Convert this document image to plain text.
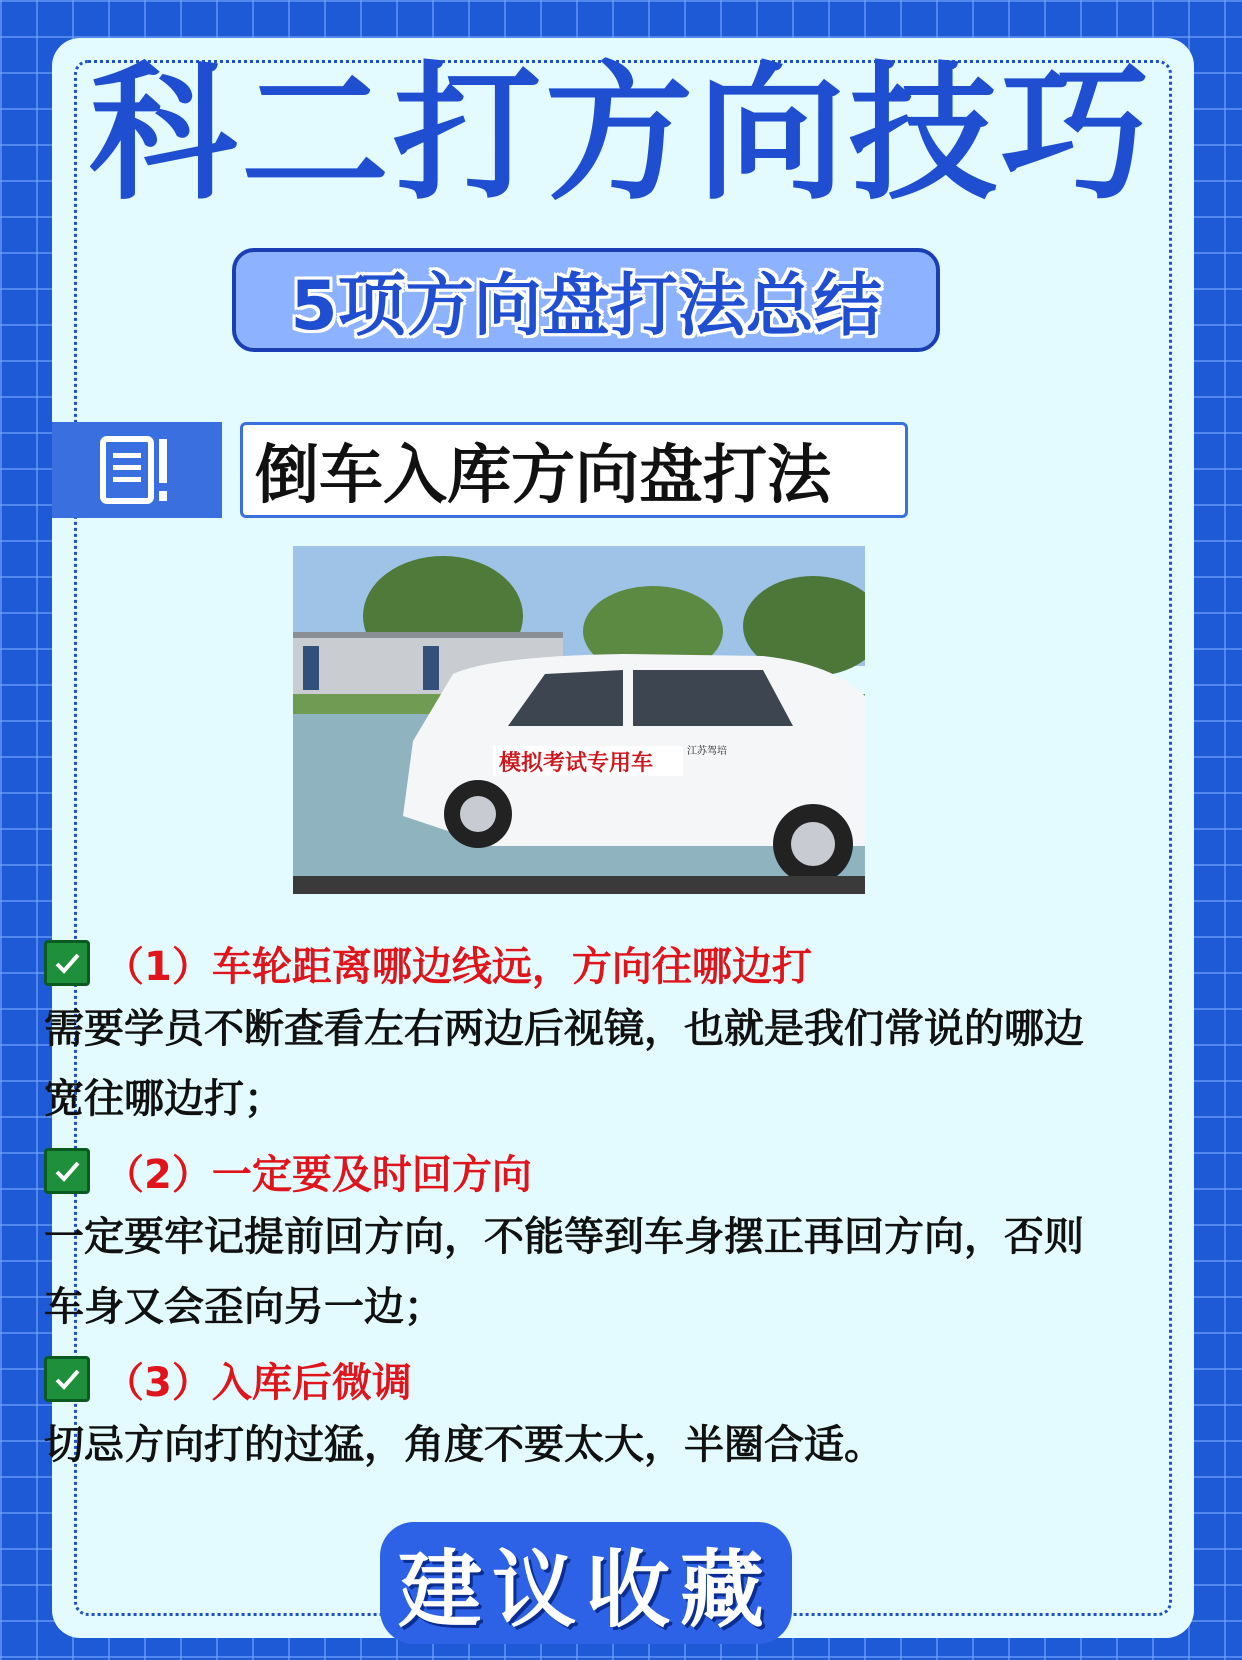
科二打方向技巧
5项方向盘打法总结
倒车入库方向盘打法
模拟考试专用车	江苏驾培
（1）车轮距离哪边线远，方向往哪边打
需要学员不断查看左右两边后视镜，也就是我们常说的哪边宽往哪边打；
（2）一定要及时回方向
一定要牢记提前回方向，不能等到车身摆正再回方向，否则车身又会歪向另一边；
（3）入库后微调
切忌方向打的过猛，角度不要太大，半圈合适。
建议收藏
